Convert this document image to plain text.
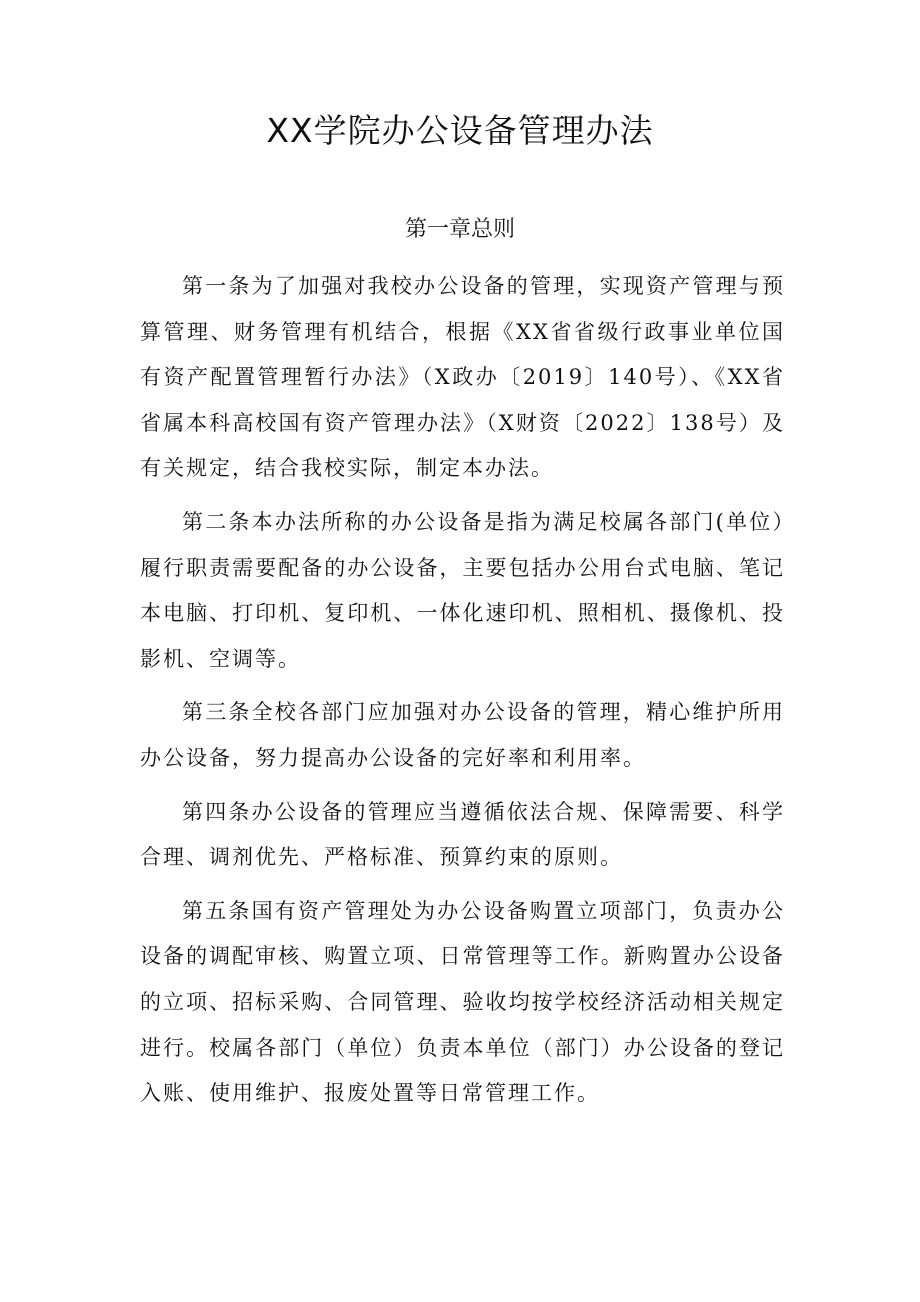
XX学院办公设备管理办法
第一章总则

第一条为了加强对我校办公设备的管理，实现资产管理与预算管理、财务管理有机结合，根据《XX省省级行政事业单位国有资产配置管理暂行办法》（X政办〔2019〕140号）、《XX省省属本科高校国有资产管理办法》（X财资〔2022〕138号）及有关规定，结合我校实际，制定本办法。

第二条本办法所称的办公设备是指为满足校属各部门(单位）履行职责需要配备的办公设备，主要包括办公用台式电脑、笔记本电脑、打印机、复印机、一体化速印机、照相机、摄像机、投影机、空调等。

第三条全校各部门应加强对办公设备的管理，精心维护所用办公设备，努力提高办公设备的完好率和利用率。

第四条办公设备的管理应当遵循依法合规、保障需要、科学合理、调剂优先、严格标准、预算约束的原则。

第五条国有资产管理处为办公设备购置立项部门，负责办公设备的调配审核、购置立项、日常管理等工作。新购置办公设备的立项、招标采购、合同管理、验收均按学校经济活动相关规定进行。校属各部门（单位）负责本单位（部门）办公设备的登记入账、使用维护、报废处置等日常管理工作。
